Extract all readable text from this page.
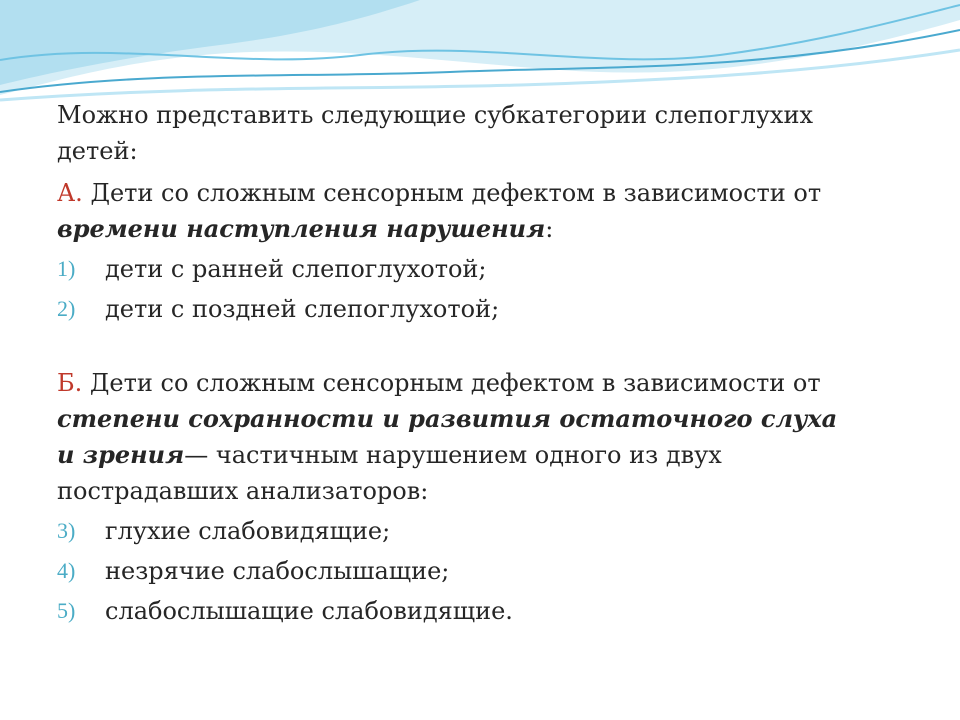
Можно представить следующие субкатегории слепоглухих
детей:

А. Дети со сложным сенсорным дефектом в зависимости от
времени наступления нарушения:

1) дети с ранней слепоглухотой;
2) дети с поздней слепоглухотой;

Б. Дети со сложным сенсорным дефектом в зависимости от
степени сохранности и развития остаточного слуха
и зрения— частичным нарушением одного из двух
пострадавших анализаторов:

3) глухие слабовидящие;
4) незрячие слабослышащие;
5) слабослышащие слабовидящие.
